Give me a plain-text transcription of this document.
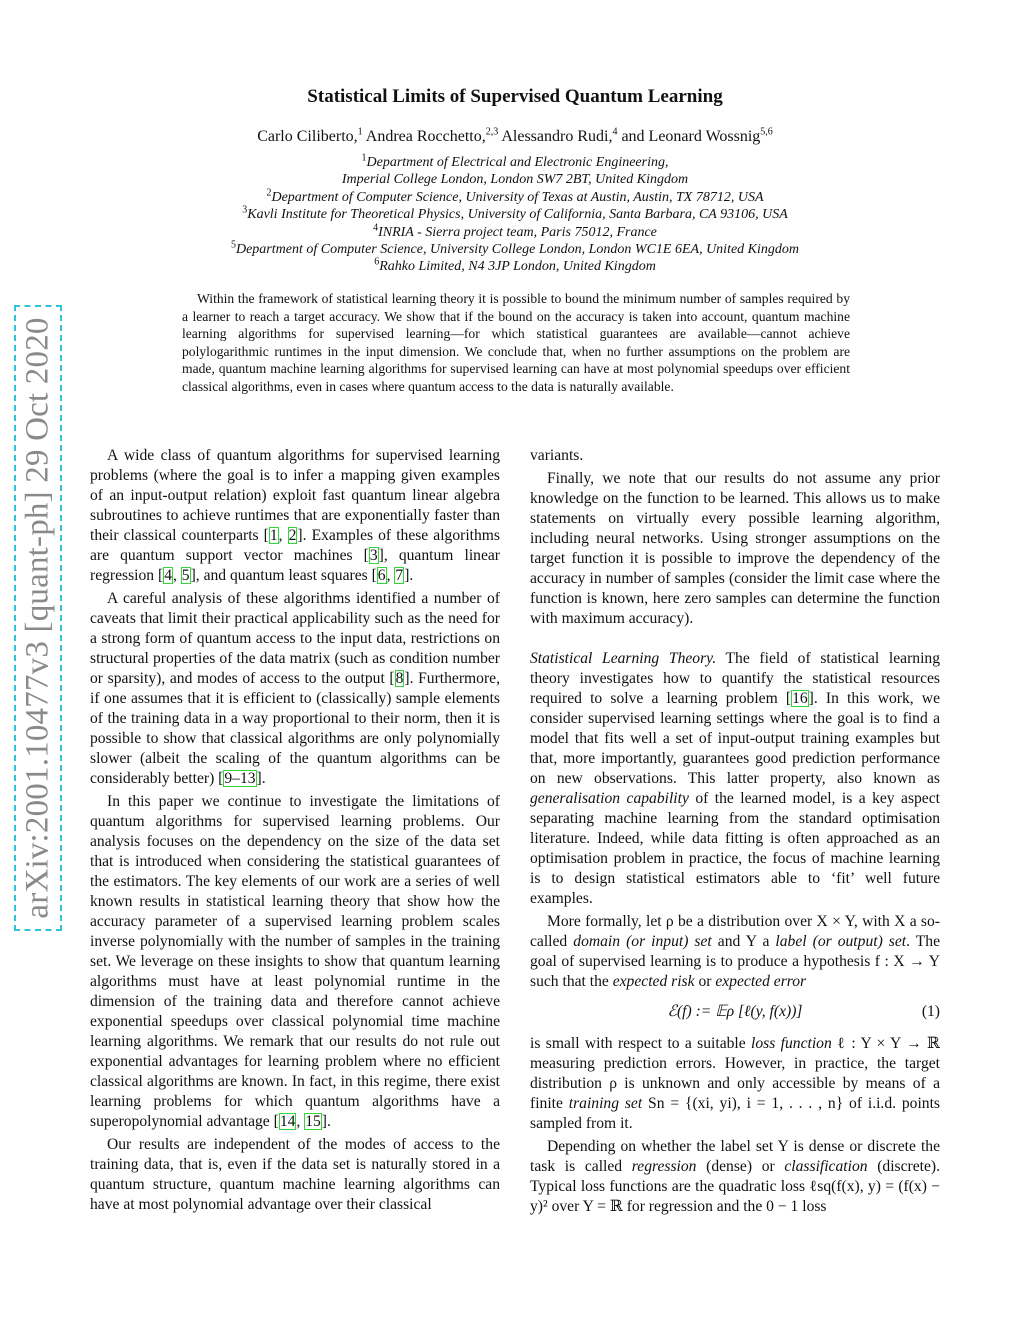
arXiv:2001.10477v3 [quant-ph] 29 Oct 2020
Statistical Limits of Supervised Quantum Learning
Carlo Ciliberto,$^1$ Andrea Rocchetto,$^{2,3}$ Alessandro Rudi,$^4$ and Leonard Wossnig$^{5,6}$
$^1$Department of Electrical and Electronic Engineering,
Imperial College London, London SW7 2BT, United Kingdom
$^2$Department of Computer Science, University of Texas at Austin, Austin, TX 78712, USA
$^3$Kavli Institute for Theoretical Physics, University of California, Santa Barbara, CA 93106, USA
$^4$INRIA - Sierra project team, Paris 75012, France
$^5$Department of Computer Science, University College London, London WC1E 6EA, United Kingdom
$^6$Rahko Limited, N4 3JP London, United Kingdom
Within the framework of statistical learning theory it is possible to bound the minimum number of samples required by a learner to reach a target accuracy. We show that if the bound on the accuracy is taken into account, quantum machine learning algorithms for supervised learning—for which statistical guarantees are available—cannot achieve polylogarithmic runtimes in the input dimension. We conclude that, when no further assumptions on the problem are made, quantum machine learning algorithms for supervised learning can have at most polynomial speedups over efficient classical algorithms, even in cases where quantum access to the data is naturally available.

A wide class of quantum algorithms for supervised learning problems (where the goal is to infer a mapping given examples of an input-output relation) exploit fast quantum linear algebra subroutines to achieve runtimes that are exponentially faster than their classical counterparts [1, 2]. Examples of these algorithms are quantum support vector machines [3], quantum linear regression [4, 5], and quantum least squares [6, 7].

A careful analysis of these algorithms identified a number of caveats that limit their practical applicability such as the need for a strong form of quantum access to the input data, restrictions on structural properties of the data matrix (such as condition number or sparsity), and modes of access to the output [8]. Furthermore, if one assumes that it is efficient to (classically) sample elements of the training data in a way proportional to their norm, then it is possible to show that classical algorithms are only polynomially slower (albeit the scaling of the quantum algorithms can be considerably better) [9–13].

In this paper we continue to investigate the limitations of quantum algorithms for supervised learning problems. Our analysis focuses on the dependency on the size of the data set that is introduced when considering the statistical guarantees of the estimators. The key elements of our work are a series of well known results in statistical learning theory that show how the accuracy parameter of a supervised learning problem scales inverse polynomially with the number of samples in the training set. We leverage on these insights to show that quantum learning algorithms must have at least polynomial runtime in the dimension of the training data and therefore cannot achieve exponential speedups over classical polynomial time machine learning algorithms. We remark that our results do not rule out exponential advantages for learning problem where no efficient classical algorithms are known. In fact, in this regime, there exist learning problems for which quantum algorithms have a superopolynomial advantage [14, 15].

Our results are independent of the modes of access to the training data, that is, even if the data set is naturally stored in a quantum structure, quantum machine learning algorithms can have at most polynomial advantage over their classical

variants.

Finally, we note that our results do not assume any prior knowledge on the function to be learned. This allows us to make statements on virtually every possible learning algorithm, including neural networks. Using stronger assumptions on the target function it is possible to improve the dependency of the accuracy in number of samples (consider the limit case where the function is known, here zero samples can determine the function with maximum accuracy).

Statistical Learning Theory. The field of statistical learning theory investigates how to quantify the statistical resources required to solve a learning problem [16]. In this work, we consider supervised learning settings where the goal is to find a model that fits well a set of input-output training examples but that, more importantly, guarantees good prediction performance on new observations. This latter property, also known as generalisation capability of the learned model, is a key aspect separating machine learning from the standard optimisation literature. Indeed, while data fitting is often approached as an optimisation problem in practice, the focus of machine learning is to design statistical estimators able to ‘fit’ well future examples.

More formally, let ρ be a distribution over X × Y, with X a so-called domain (or input) set and Y a label (or output) set. The goal of supervised learning is to produce a hypothesis f : X → Y such that the expected risk or expected error

ℰ(f) := 𝔼ρ [ℓ(y, f(x))]	(1)

is small with respect to a suitable loss function ℓ : Y × Y → ℝ measuring prediction errors. However, in practice, the target distribution ρ is unknown and only accessible by means of a finite training set Sn = {(xi, yi), i = 1, . . . , n} of i.i.d. points sampled from it.

Depending on whether the label set Y is dense or discrete the task is called regression (dense) or classification (discrete). Typical loss functions are the quadratic loss ℓsq(f(x), y) = (f(x) − y)² over Y = ℝ for regression and the 0 − 1 loss
